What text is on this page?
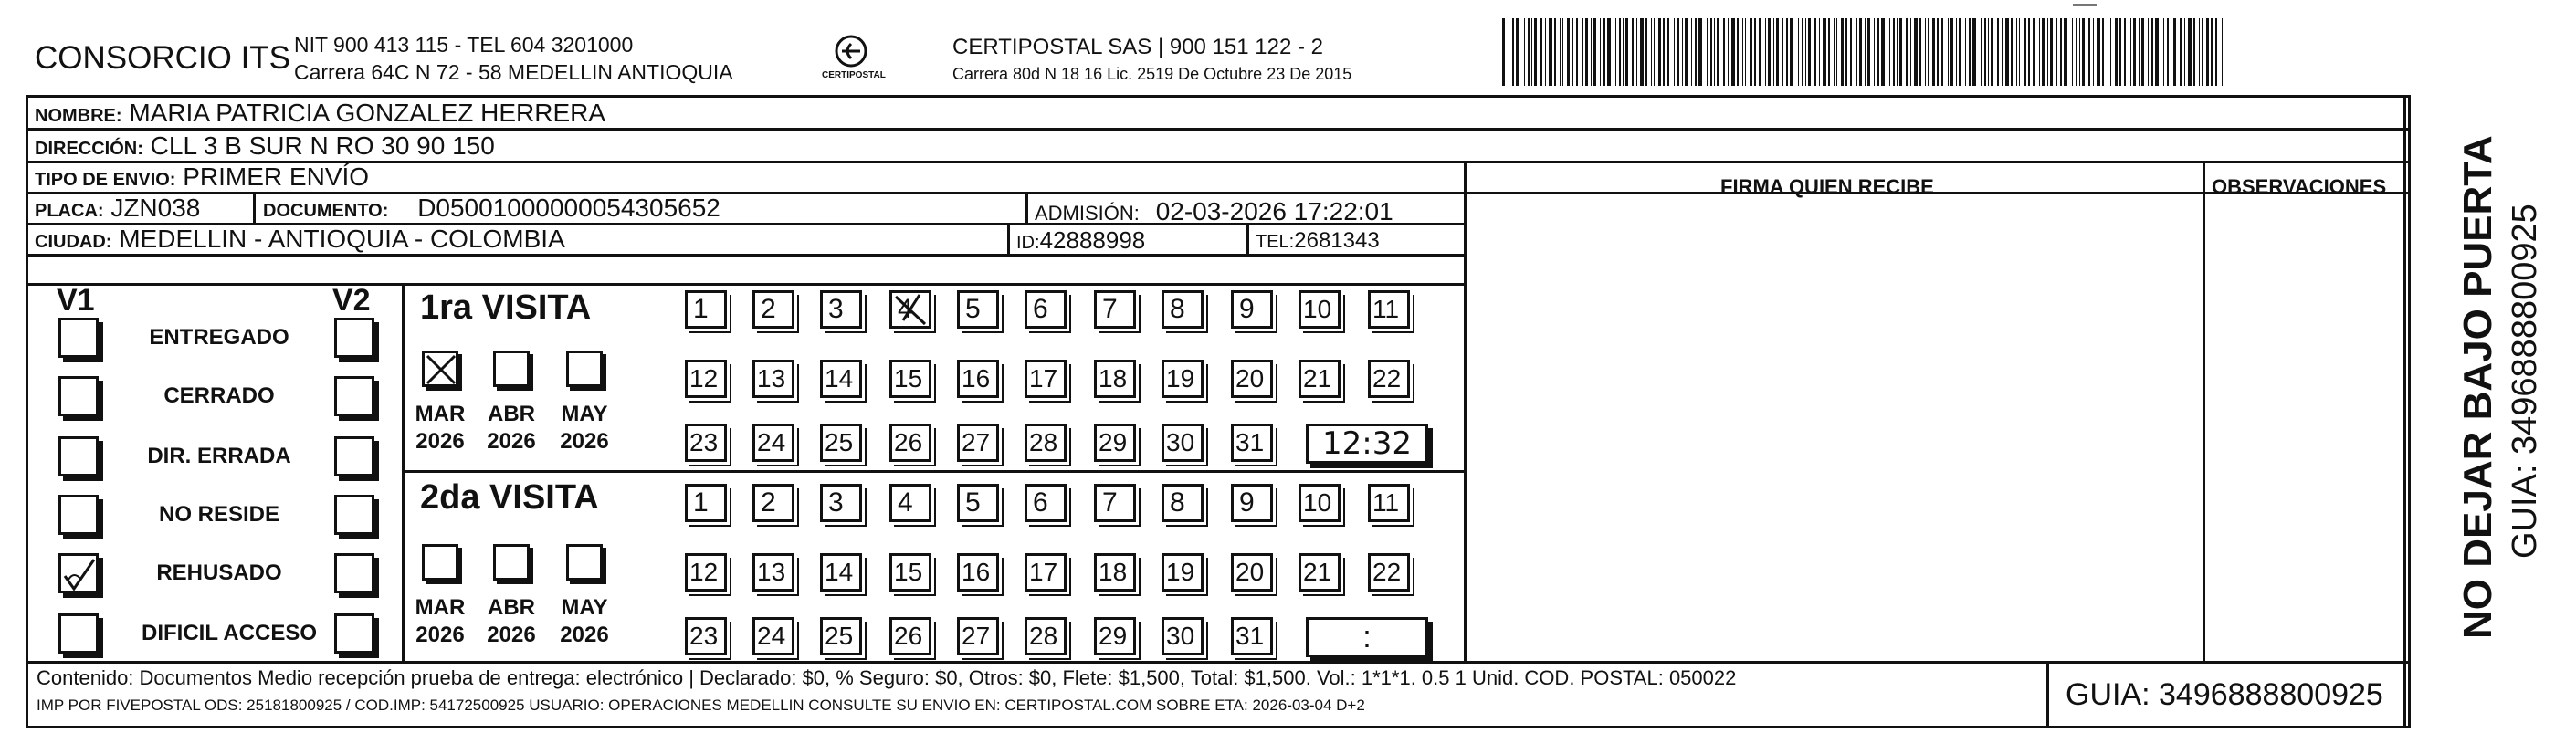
CONSORCIO ITS NIT 900 413 115 - TEL 604 3201000
Carrera 64C N 72 - 58 MEDELLIN ANTIOQUIA	CERTIPOSTAL
CERTIPOSTAL SAS | 900 151 122 - 2
Carrera 80d N 18 16 Lic. 2519 De Octubre 23 De 2015
NOMBRE: MARIA PATRICIA GONZALEZ HERRERA
DIRECCIÓN: CLL 3 B SUR N RO 30 90 150
TIPO DE ENVIO: PRIMER ENVÍO
PLACA: JZN038	DOCUMENTO: D05001000000054305652	ADMISIÓN: 02-03-2026 17:22:01
CIUDAD: MEDELLIN - ANTIOQUIA - COLOMBIA	ID:42888998	TEL:2681343
FIRMA QUIEN RECIBE	OBSERVACIONES
V1	V2
ENTREGADO
CERRADO
DIR. ERRADA
NO RESIDE
REHUSADO
DIFICIL ACCESO
1ra VISITA
2da VISITA
MAR
2026
ABR
2026
MAY
2026
1	2	3	4	5	6	7	8	9	10	11
12	13	14	15	16	17	18	19	20	21	22
23	24	25	26	27	28	29	30	31	12:32
MAR
2026
ABR
2026
MAY
2026
1	2	3	4	5	6	7	8	9	10	11
12	13	14	15	16	17	18	19	20	21	22
23	24	25	26	27	28	29	30	31	:
Contenido: Documentos Medio recepción prueba de entrega: electrónico | Declarado: $0, % Seguro: $0, Otros: $0, Flete: $1,500, Total: $1,500. Vol.: 1*1*1. 0.5 1 Unid. COD. POSTAL: 050022
IMP POR FIVEPOSTAL ODS: 25181800925 / COD.IMP: 54172500925 USUARIO: OPERACIONES MEDELLIN CONSULTE SU ENVIO EN: CERTIPOSTAL.COM SOBRE ETA: 2026-03-04 D+2	GUIA: 3496888800925
NO DEJAR BAJO PUERTA GUIA: 3496888800925
